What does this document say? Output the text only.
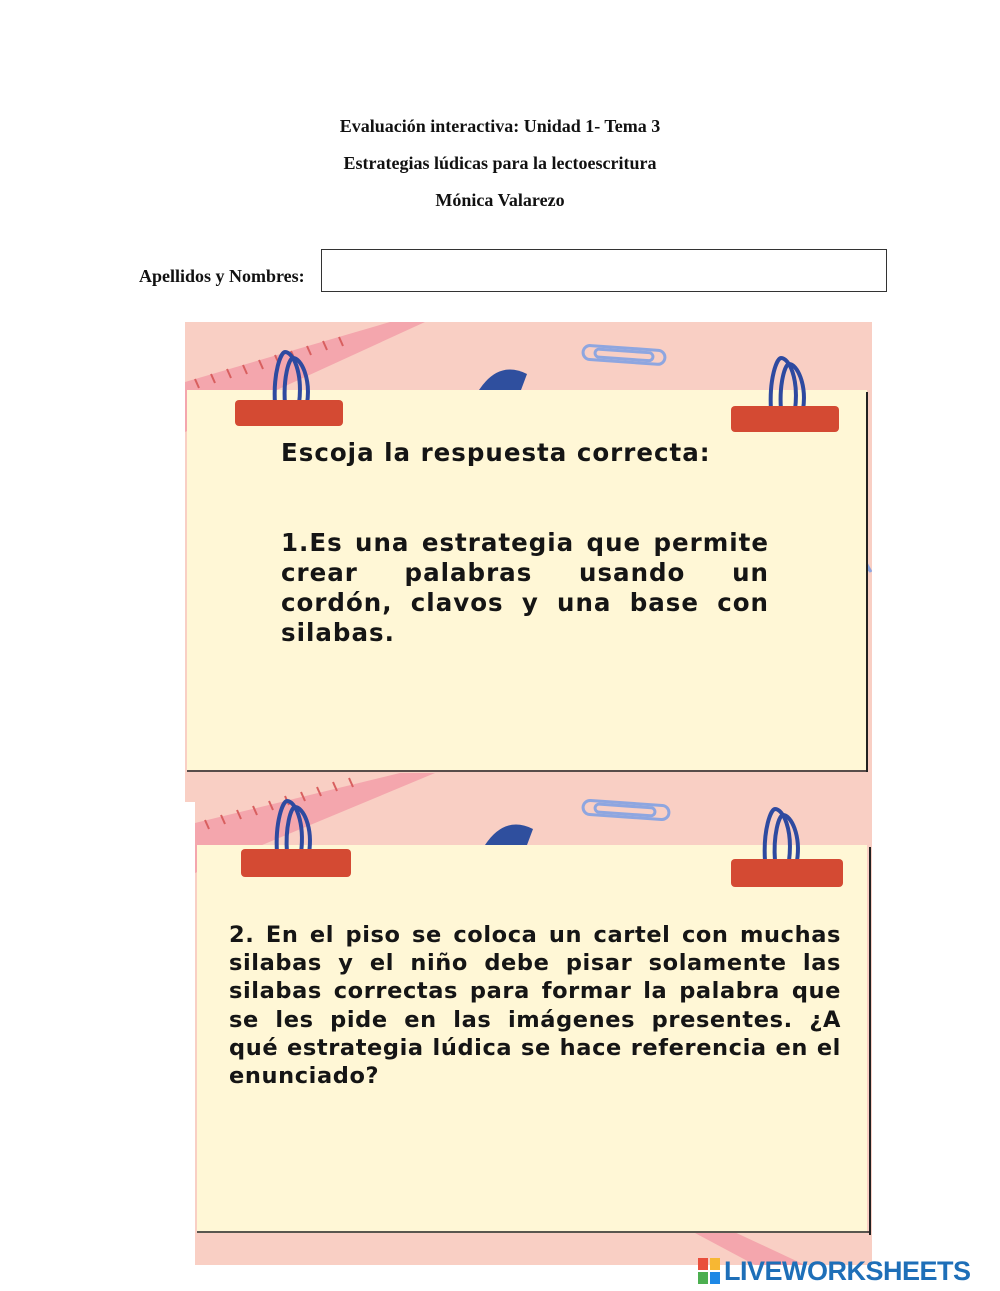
Evaluación interactiva: Unidad 1- Tema 3
Estrategias lúdicas para la lectoescritura
Mónica Valarezo
Apellidos y Nombres:

Escoja la respuesta correcta:

1.Es una estrategia que permite crear palabras usando un cordón, clavos y una base con silabas.

2. En el piso se coloca un cartel con muchas silabas y el niño debe pisar solamente las silabas correctas para formar la palabra que se les pide en las imágenes presentes. ¿A qué estrategia lúdica se hace referencia en el enunciado?

LIVEWORKSHEETS
